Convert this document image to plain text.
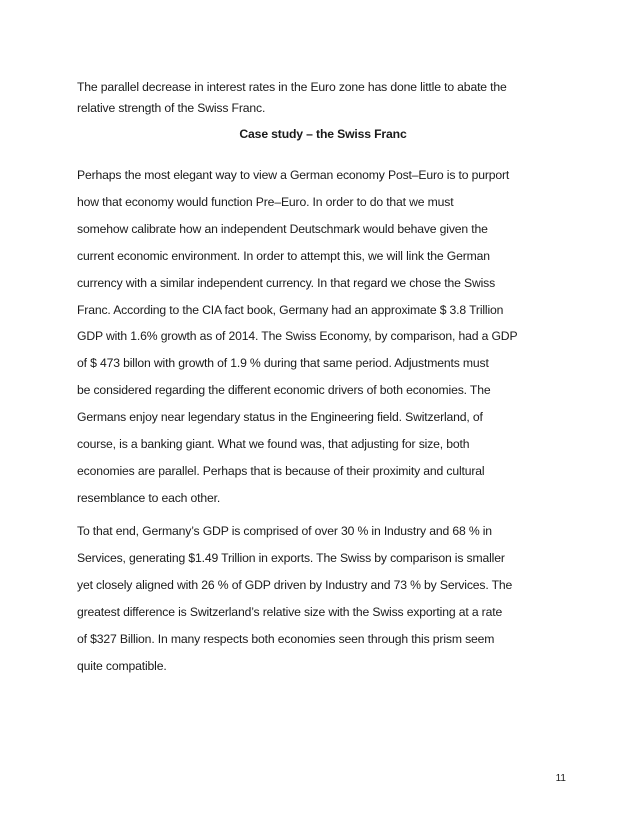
The parallel decrease in interest rates in the Euro zone has done little to abate the
relative strength of the Swiss Franc.
Case study – the Swiss Franc
Perhaps the most elegant way to view a German economy Post–Euro is to purport
how that economy would function Pre–Euro. In order to do that we must
somehow calibrate how an independent Deutschmark would behave given the
current economic environment. In order to attempt this, we will link the German
currency with a similar independent currency. In that regard we chose the Swiss
Franc. According to the CIA fact book, Germany had an approximate $ 3.8 Trillion
GDP with 1.6% growth as of 2014. The Swiss Economy, by comparison, had a GDP
of $ 473 billon with growth of 1.9 % during that same period. Adjustments must
be considered regarding the different economic drivers of both economies. The
Germans enjoy near legendary status in the Engineering field. Switzerland, of
course, is a banking giant. What we found was, that adjusting for size, both
economies are parallel. Perhaps that is because of their proximity and cultural
resemblance to each other.
To that end, Germany’s GDP is comprised of over 30 % in Industry and 68 % in
Services, generating $1.49 Trillion in exports. The Swiss by comparison is smaller
yet closely aligned with 26 % of GDP driven by Industry and 73 % by Services. The
greatest difference is Switzerland’s relative size with the Swiss exporting at a rate
of $327 Billion. In many respects both economies seen through this prism seem
quite compatible.
11
